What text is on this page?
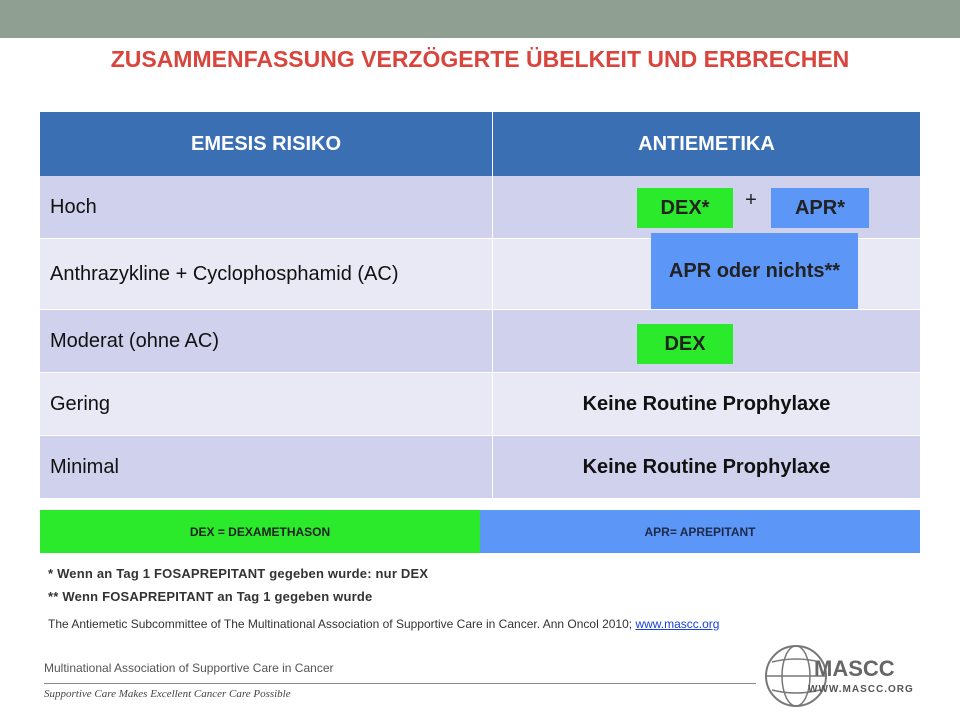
ZUSAMMENFASSUNG VERZÖGERTE ÜBELKEIT UND ERBRECHEN
EMESIS RISIKO	ANTIEMETIKA
Hoch	DEX* + APR*

Anthrazykline + Cyclophosphamid (AC)	APR oder nichts**

Moderat (ohne AC)	DEX

Gering	Keine Routine Prophylaxe
Minimal	Keine Routine Prophylaxe
DEX = DEXAMETHASON	APR= APREPITANT
* Wenn an Tag 1 FOSAPREPITANT gegeben wurde: nur DEX
** Wenn FOSAPREPITANT an Tag 1 gegeben wurde
The Antiemetic Subcommittee of The Multinational Association of Supportive Care in Cancer. Ann Oncol 2010; www.mascc.org
Multinational Association of Supportive Care in Cancer
Supportive Care Makes Excellent Cancer Care Possible
MASCC
WWW.MASCC.ORG
